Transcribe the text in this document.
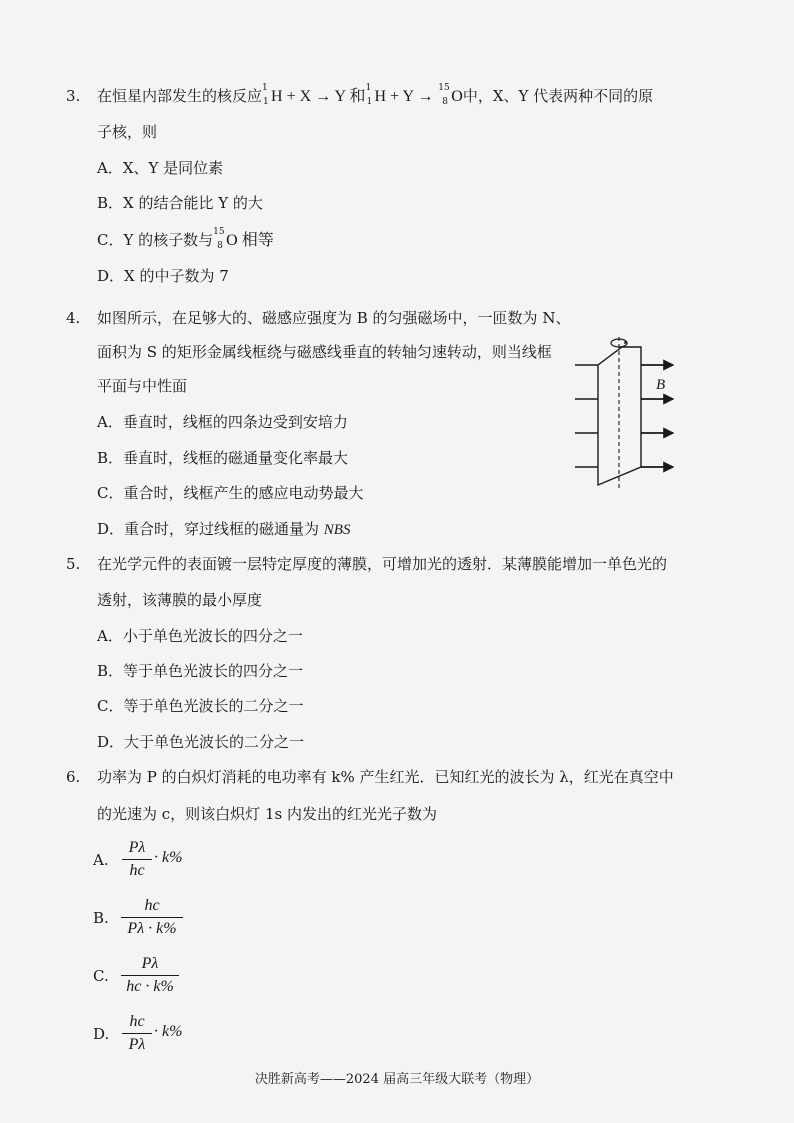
3. 在恒星内部发生的核反应 1
1 H + X → Y 和 1
1 H + Y → 15
8 O中，X、Y 代表两种不同的原
子核，则
A．X、Y 是同位素
B．X 的结合能比 Y 的大
C．Y 的核子数与 15
8 O 相等
D．X 的中子数为 7
4. 如图所示，在足够大的、磁感应强度为 B 的匀强磁场中，一匝数为 N、
面积为 S 的矩形金属线框绕与磁感线垂直的转轴匀速转动，则当线框
平面与中性面
A．垂直时，线框的四条边受到安培力
B．垂直时，线框的磁通量变化率最大
C．重合时，线框产生的感应电动势最大
D．重合时，穿过线框的磁通量为 NBS
B
5. 在光学元件的表面镀一层特定厚度的薄膜，可增加光的透射．某薄膜能增加一单色光的
透射，该薄膜的最小厚度
A．小于单色光波长的四分之一
B．等于单色光波长的四分之一
C．等于单色光波长的二分之一
D．大于单色光波长的二分之一
6. 功率为 P 的白炽灯消耗的电功率有 k% 产生红光．已知红光的波长为 λ，红光在真空中
的光速为 c，则该白炽灯 1s 内发出的红光光子数为
A.
Pλ
hc
· k%
B.
hc
Pλ · k%
C.
Pλ
hc · k%
D.
hc
Pλ
· k%
决胜新高考——2024 届高三年级大联考（物理）
